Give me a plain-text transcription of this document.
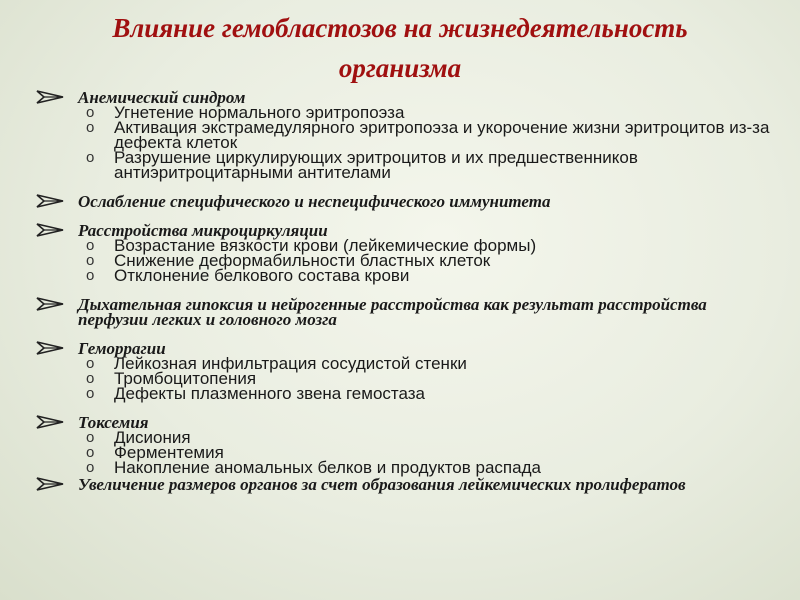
Влияние гемобластозов на жизнедеятельность
организма
Анемический синдром
o Угнетение нормального эритропоэза
o Активация экстрамедулярного эритропоэза и укорочение жизни эритроцитов из-за дефекта клеток
o Разрушение циркулирующих эритроцитов и их предшественников антиэритроцитарными антителами
Ослабление специфического и неспецифического иммунитета
Расстройства микроциркуляции
o Возрастание вязкости крови (лейкемические формы)
o Снижение деформабильности бластных клеток
o Отклонение белкового состава крови
Дыхательная гипоксия и нейрогенные расстройства как результат расстройства перфузии легких и головного мозга
Геморрагии
o Лейкозная инфильтрация сосудистой стенки
o Тромбоцитопения
o Дефекты плазменного звена гемостаза
Токсемия
o Дисиония
o Ферментемия
o Накопление аномальных белков и продуктов распада
Увеличение размеров органов за счет образования лейкемических пролифератов
